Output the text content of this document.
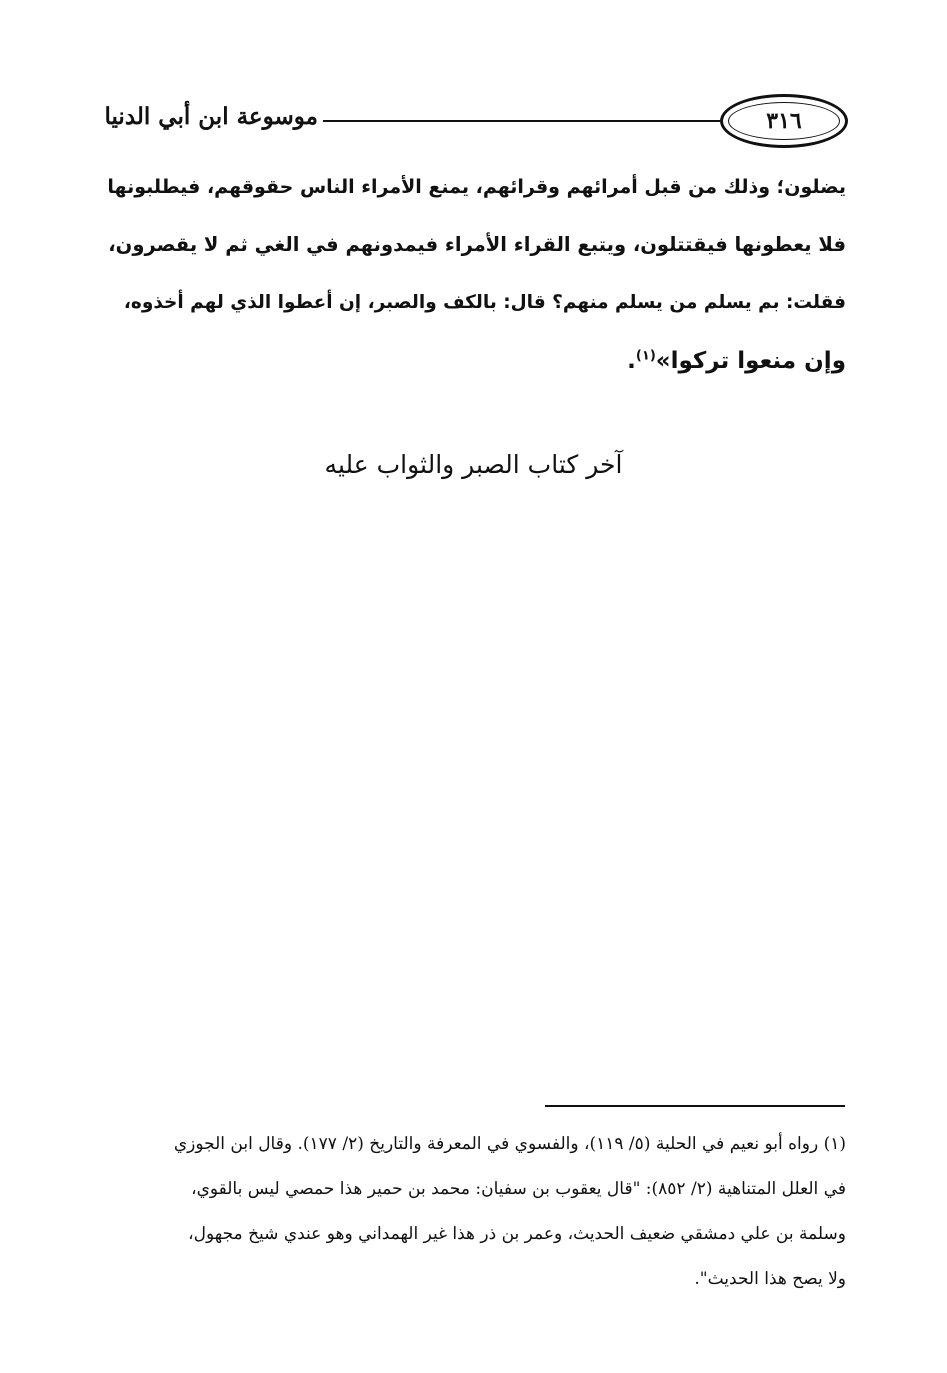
موسوعة ابن أبي الدنيا	٣١٦
يضلون؛ وذلك من قبل أمرائهم وقرائهم، يمنع الأمراء الناس حقوقهم، فيطلبونها
فلا يعطونها فيقتتلون، ويتبع القراء الأمراء فيمدونهم في الغي ثم لا يقصرون،
فقلت: بم يسلم من يسلم منهم؟ قال: بالكف والصبر، إن أعطوا الذي لهم أخذوه،
وإن منعوا تركوا»$^{(١)}$.
آخر كتاب الصبر والثواب عليه
(١) رواه أبو نعيم في الحلية (٥/ ١١٩)، والفسوي في المعرفة والتاريخ (٢/ ١٧٧). وقال ابن الجوزي
في العلل المتناهية (٢/ ٨٥٢): "قال يعقوب بن سفيان: محمد بن حمير هذا حمصي ليس بالقوي،
وسلمة بن علي دمشقي ضعيف الحديث، وعمر بن ذر هذا غير الهمداني وهو عندي شيخ مجهول،
ولا يصح هذا الحديث".
